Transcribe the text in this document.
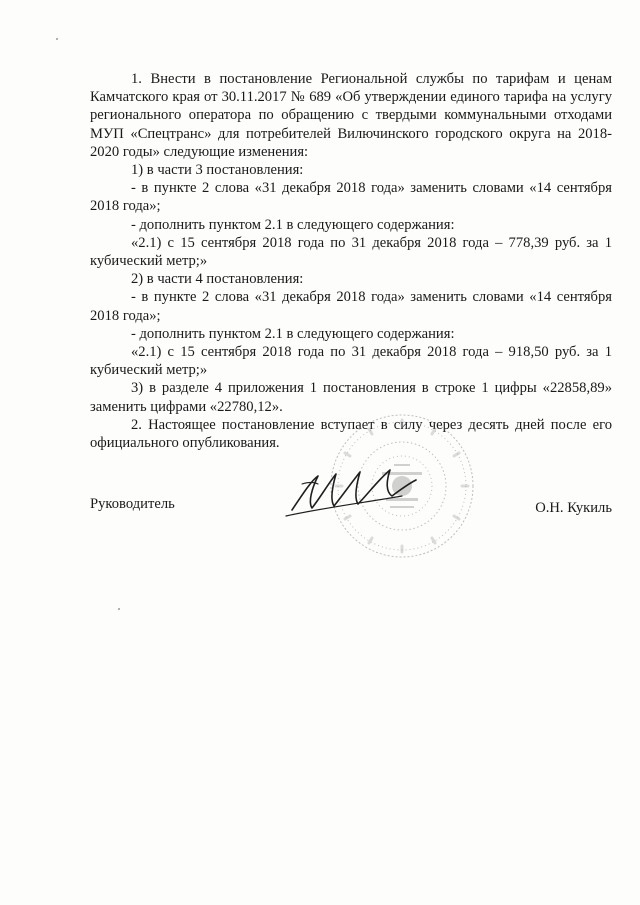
1. Внести в постановление Региональной службы по тарифам и ценам Камчатского края от 30.11.2017 № 689 «Об утверждении единого тарифа на услугу регионального оператора по обращению с твердыми коммунальными отходами МУП «Спецтранс» для потребителей Вилючинского городского округа на 2018-2020 годы» следующие изменения:

1) в части 3 постановления:

- в пункте 2 слова «31 декабря 2018 года» заменить словами «14 сентября 2018 года»;

- дополнить пунктом 2.1 в следующего содержания:

«2.1) с 15 сентября 2018 года по 31 декабря 2018 года – 778,39 руб. за 1 кубический метр;»

2) в части 4 постановления:

- в пункте 2 слова «31 декабря 2018 года» заменить словами «14 сентября 2018 года»;

- дополнить пунктом 2.1 в следующего содержания:

«2.1) с 15 сентября 2018 года по 31 декабря 2018 года – 918,50 руб. за 1 кубический метр;»

3) в разделе 4 приложения 1 постановления в строке 1 цифры «22858,89» заменить цифрами «22780,12».

2. Настоящее постановление вступает в силу через десять дней после его официального опубликования.

Руководитель	О.Н. Кукиль
